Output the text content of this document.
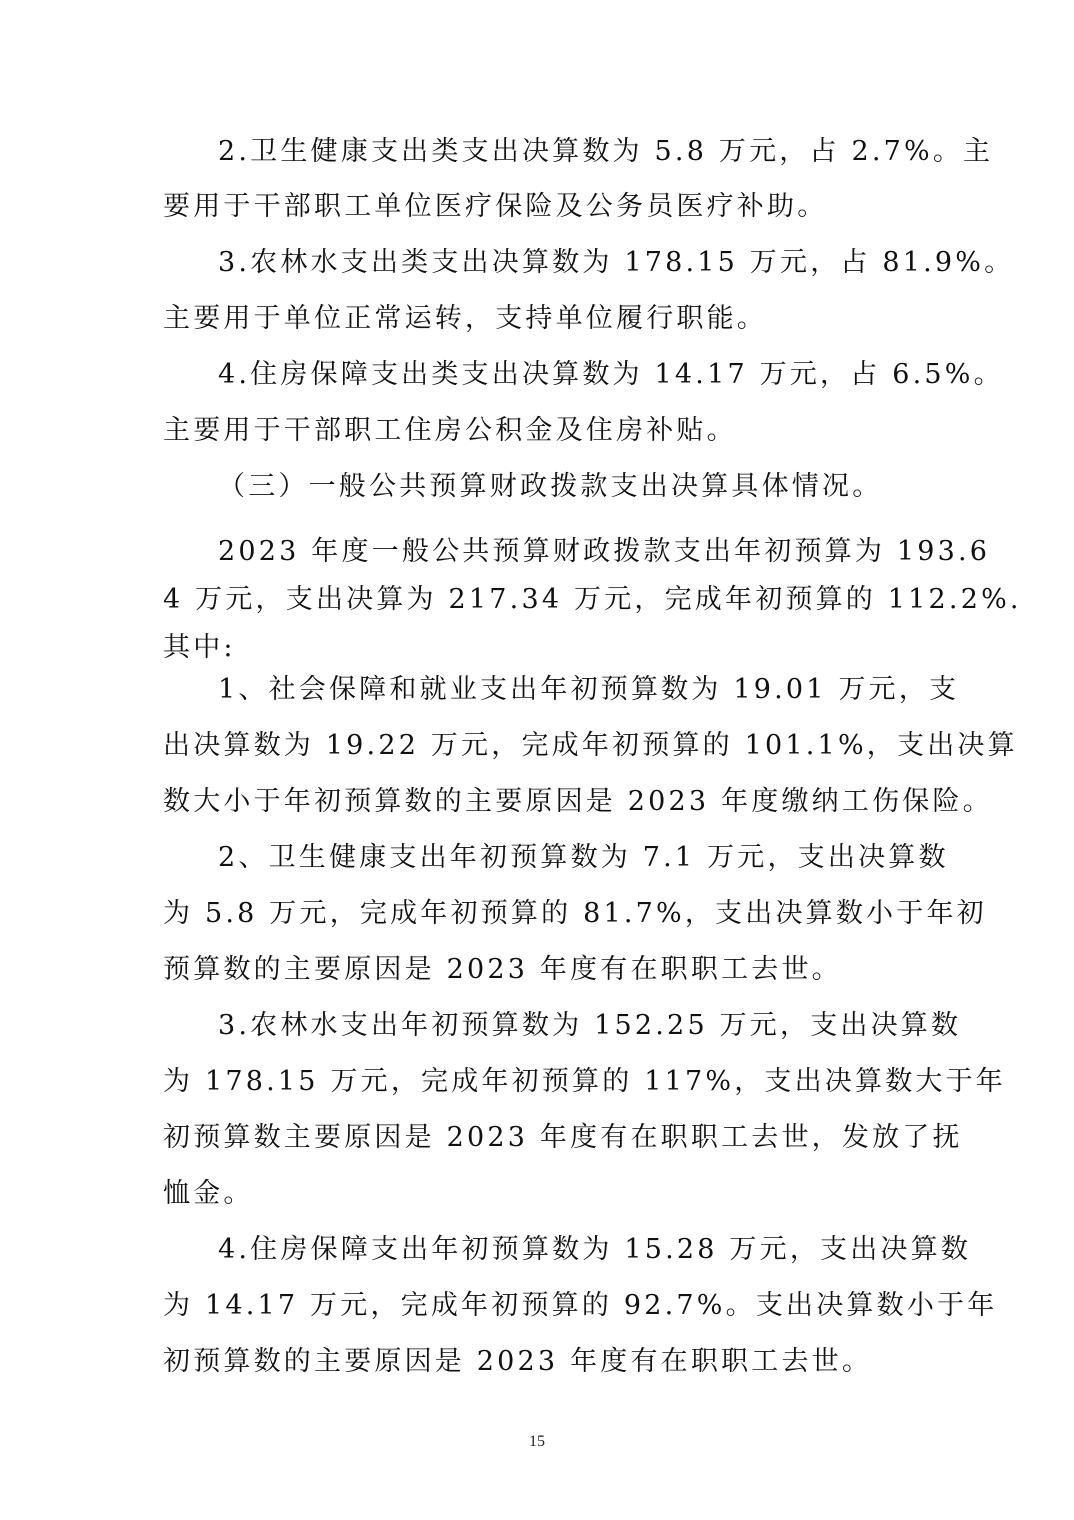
2.卫生健康支出类支出决算数为 5.8 万元，占 2.7%。主

要用于干部职工单位医疗保险及公务员医疗补助。

3.农林水支出类支出决算数为 178.15 万元，占 81.9%。

主要用于单位正常运转，支持单位履行职能。

4.住房保障支出类支出决算数为 14.17 万元，占 6.5%。

主要用于干部职工住房公积金及住房补贴。

（三）一般公共预算财政拨款支出决算具体情况。

2023 年度一般公共预算财政拨款支出年初预算为 193.6

4 万元，支出决算为 217.34 万元，完成年初预算的 112.2%.

其中:

1、社会保障和就业支出年初预算数为 19.01 万元，支

出决算数为 19.22 万元，完成年初预算的 101.1%，支出决算

数大小于年初预算数的主要原因是 2023 年度缴纳工伤保险。

2、卫生健康支出年初预算数为 7.1 万元，支出决算数

为 5.8 万元，完成年初预算的 81.7%，支出决算数小于年初

预算数的主要原因是 2023 年度有在职职工去世。

3.农林水支出年初预算数为 152.25 万元，支出决算数

为 178.15 万元，完成年初预算的 117%，支出决算数大于年

初预算数主要原因是 2023 年度有在职职工去世，发放了抚

恤金。

4.住房保障支出年初预算数为 15.28 万元，支出决算数

为 14.17 万元，完成年初预算的 92.7%。支出决算数小于年

初预算数的主要原因是 2023 年度有在职职工去世。

15
